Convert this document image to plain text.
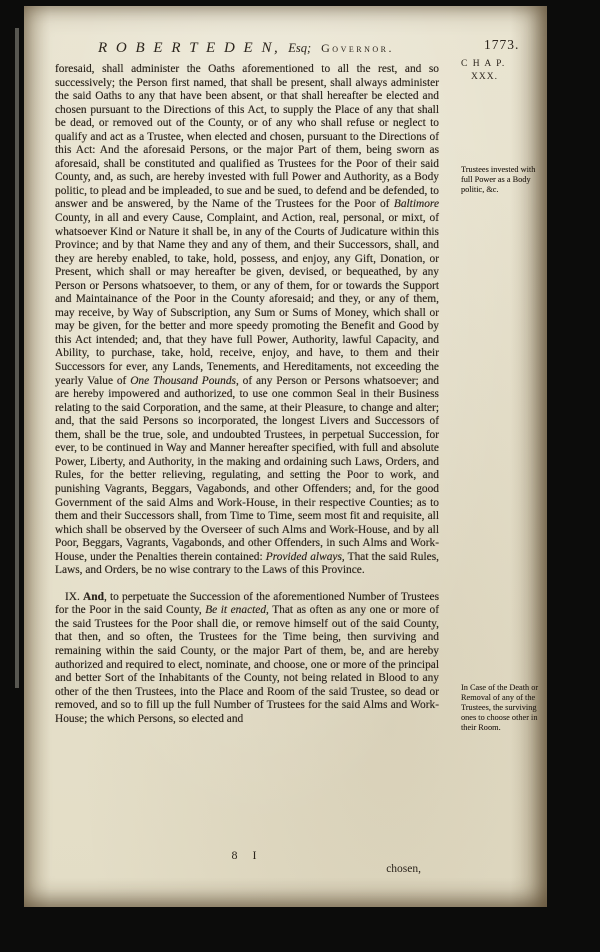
R O B E R T E D E N, Esq; Governor.	1773.
C H A P.
XXX.
Trustees invested with full Power as a Body politic, &c.
In Case of the Death or Removal of any of the Trustees, the surviving ones to choose other in their Room.

foresaid, shall administer the Oaths aforementioned to all the rest, and so successively; the Person first named, that shall be present, shall always administer the said Oaths to any that have been absent, or that shall hereafter be elected and chosen pursuant to the Directions of this Act, to supply the Place of any that shall be dead, or removed out of the County, or of any who shall refuse or neglect to qualify and act as a Trustee, when elected and chosen, pursuant to the Directions of this Act: And the aforesaid Persons, or the major Part of them, being sworn as aforesaid, shall be constituted and qualified as Trustees for the Poor of their said County, and, as such, are hereby invested with full Power and Authority, as a Body politic, to plead and be impleaded, to sue and be sued, to defend and be defended, to answer and be answered, by the Name of the Trustees for the Poor of Baltimore County, in all and every Cause, Complaint, and Action, real, personal, or mixt, of whatsoever Kind or Nature it shall be, in any of the Courts of Judicature within this Province; and by that Name they and any of them, and their Successors, shall, and they are hereby enabled, to take, hold, possess, and enjoy, any Gift, Donation, or Present, which shall or may hereafter be given, devised, or bequeathed, by any Person or Persons whatsoever, to them, or any of them, for or towards the Support and Maintainance of the Poor in the County aforesaid; and they, or any of them, may receive, by Way of Subscription, any Sum or Sums of Money, which shall or may be given, for the better and more speedy promoting the Benefit and Good by this Act intended; and, that they have full Power, Authority, lawful Capacity, and Ability, to purchase, take, hold, receive, enjoy, and have, to them and their Successors for ever, any Lands, Tenements, and Hereditaments, not exceeding the yearly Value of One Thousand Pounds, of any Person or Persons whatsoever; and are hereby impowered and authorized, to use one common Seal in their Business relating to the said Corporation, and the same, at their Pleasure, to change and alter; and, that the said Persons so incorporated, the longest Livers and Successors of them, shall be the true, sole, and undoubted Trustees, in perpetual Succession, for ever, to be continued in Way and Manner hereafter specified, with full and absolute Power, Liberty, and Authority, in the making and ordaining such Laws, Orders, and Rules, for the better relieving, regulating, and setting the Poor to work, and punishing Vagrants, Beggars, Vagabonds, and other Offenders; and, for the good Government of the said Alms and Work-House, in their respective Counties; as to them and their Successors shall, from Time to Time, seem most fit and requisite, all which shall be observed by the Overseer of such Alms and Work-House, and by all Poor, Beggars, Vagrants, Vagabonds, and other Offenders, in such Alms and Work-House, under the Penalties therein contained: Provided always, That the said Rules, Laws, and Orders, be no wise contrary to the Laws of this Province.

IX. And, to perpetuate the Succession of the aforementioned Number of Trustees for the Poor in the said County, Be it enacted, That as often as any one or more of the said Trustees for the Poor shall die, or remove himself out of the said County, that then, and so often, the Trustees for the Time being, then surviving and remaining within the said County, or the major Part of them, be, and are hereby authorized and required to elect, nominate, and choose, one or more of the principal and better Sort of the Inhabitants of the County, not being related in Blood to any other of the then Trustees, into the Place and Room of the said Trustee, so dead or removed, and so to fill up the full Number of Trustees for the said Alms and Work-House; the which Persons, so elected and

8 I
chosen,
